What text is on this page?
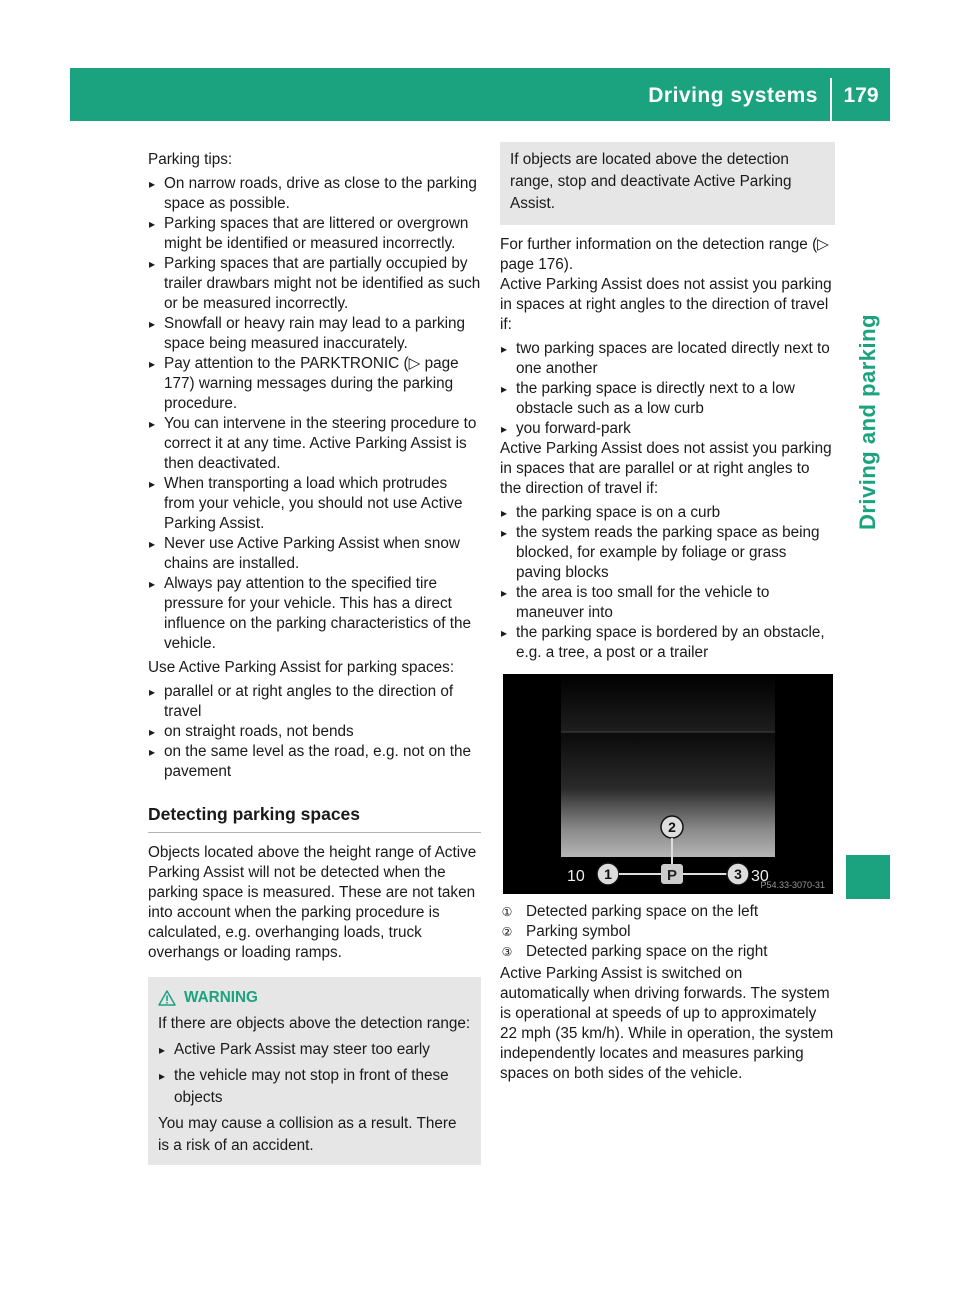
Driving systems	179
Driving and parking

Parking tips:

▸ On narrow roads, drive as close to the parking space as possible.
▸ Parking spaces that are littered or overgrown might be identified or measured incorrectly.
▸ Parking spaces that are partially occupied by trailer drawbars might not be identified as such or be measured incorrectly.
▸ Snowfall or heavy rain may lead to a parking space being measured inaccurately.
▸ Pay attention to the PARKTRONIC (▷ page 177) warning messages during the parking procedure.
▸ You can intervene in the steering procedure to correct it at any time. Active Parking Assist is then deactivated.
▸ When transporting a load which protrudes from your vehicle, you should not use Active Parking Assist.
▸ Never use Active Parking Assist when snow chains are installed.
▸ Always pay attention to the specified tire pressure for your vehicle. This has a direct influence on the parking characteristics of the vehicle.

Use Active Parking Assist for parking spaces:

▸ parallel or at right angles to the direction of travel
▸ on straight roads, not bends
▸ on the same level as the road, e.g. not on the pavement
Detecting parking spaces

Objects located above the height range of Active Parking Assist will not be detected when the parking space is measured. These are not taken into account when the parking procedure is calculated, e.g. overhanging loads, truck overhangs or loading ramps.

WARNING

If there are objects above the detection range:

▸ Active Park Assist may steer too early
▸ the vehicle may not stop in front of these objects

You may cause a collision as a result. There is a risk of an accident.

If objects are located above the detection range, stop and deactivate Active Parking Assist.

For further information on the detection range (▷ page 176).

Active Parking Assist does not assist you parking in spaces at right angles to the direction of travel if:

▸ two parking spaces are located directly next to one another
▸ the parking space is directly next to a low obstacle such as a low curb
▸ you forward-park

Active Parking Assist does not assist you parking in spaces that are parallel or at right angles to the direction of travel if:

▸ the parking space is on a curb
▸ the system reads the parking space as being blocked, for example by foliage or grass paving blocks
▸ the area is too small for the vehicle to maneuver into
▸ the parking space is bordered by an obstacle, e.g. a tree, a post or a trailer
2
10 1	P	3 30
P54.33-3070-31
① Detected parking space on the left
② Parking symbol
③ Detected parking space on the right

Active Parking Assist is switched on automatically when driving forwards. The system is operational at speeds of up to approximately 22 mph (35 km/h). While in operation, the system independently locates and measures parking spaces on both sides of the vehicle.
